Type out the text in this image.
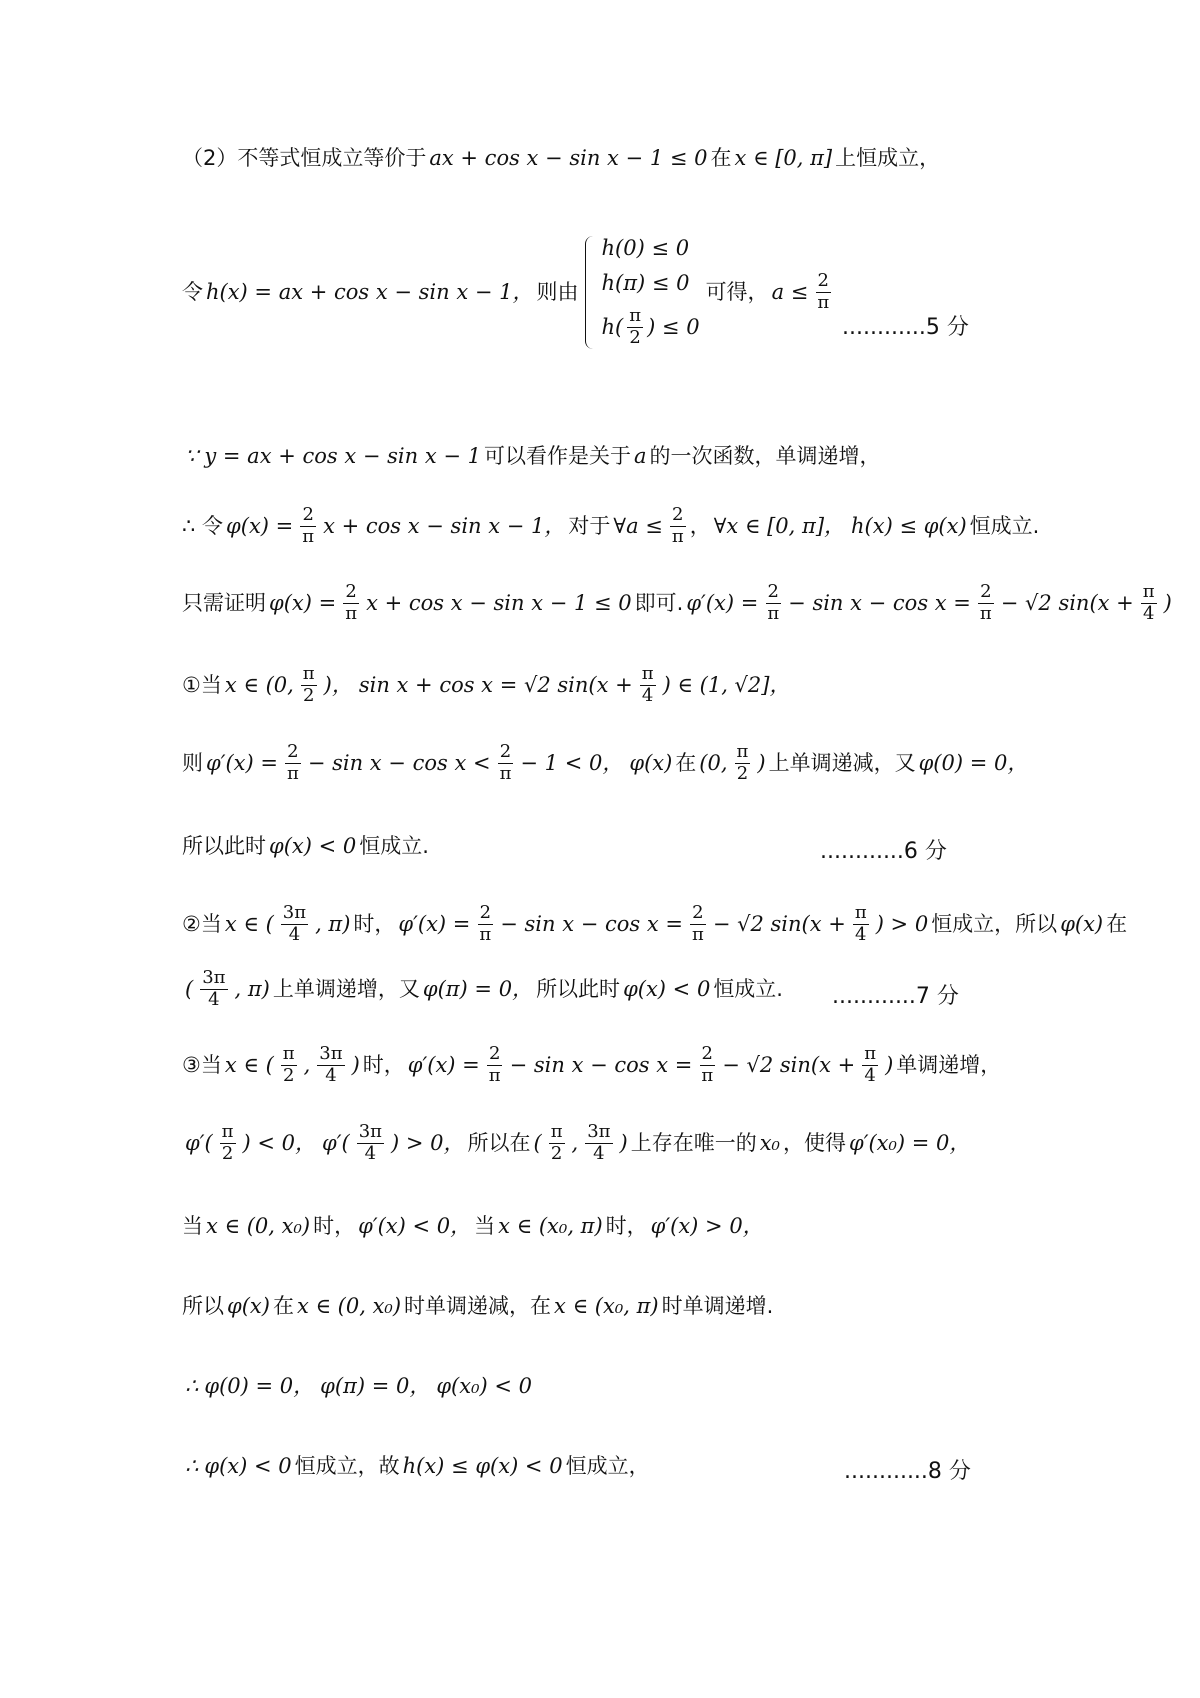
（2）不等式恒成立等价于 ax + cos x − sin x − 1 ≤ 0 在 x ∈ [0, π] 上恒成立，
令 h(x) = ax + cos x − sin x − 1， 则由
h(0) ≤ 0
h(π) ≤ 0
$h( \frac{\pi}{2}$ ) ≤ 0
可得， $a \le \frac{2}{\pi}$
............5 分
∵ y = ax + cos x − sin x − 1 可以看作是关于 a 的一次函数，单调递增，
∴ 令 $\varphi(x) = \frac{2}{\pi}$ x + cos x − sin x − 1， 对于 ∀a ≤ $\frac{2}{\pi}$ ， ∀x ∈ [0, π]， h(x) ≤ φ(x) 恒成立.
只需证明 $\varphi(x) = \frac{2}{\pi}$ x + cos x − sin x − 1 ≤ 0 即可. $\varphi'(x) = \frac{2}{\pi} - \sin x - \cos x = \frac{2}{\pi} - √2$ $\sin(x + \frac{\pi}{4}$ )
①当 x ∈ (0, $\frac{\pi}{2}$ )， sin x + cos x = √2 $\sin(x + \frac{\pi}{4}$ ) ∈ (1, √2]，
则 $\varphi'(x) = \frac{2}{\pi} - \sin x - \cos x < \frac{2}{\pi} - 1 < 0$， φ(x) 在 (0, $\frac{\pi}{2}$ ) 上单调递减，又 φ(0) = 0，
所以此时 φ(x) < 0 恒成立.	............6 分
②当 x ∈ ( $\frac{3\pi}{4}$ , π) 时， $\varphi'(x) = \frac{2}{\pi} - \sin x - \cos x = \frac{2}{\pi} - √2$ $\sin(x + \frac{\pi}{4}$ ) > 0 恒成立，所以 φ(x) 在
( $\frac{3\pi}{4}$ , π) 上单调递增，又 φ(π) = 0， 所以此时 φ(x) < 0 恒成立. ............7 分
③当 x ∈ ( $\frac{\pi}{2}$ , $\frac{3\pi}{4}$ ) 时， $\varphi'(x) = \frac{2}{\pi} - \sin x - \cos x = \frac{2}{\pi} - √2$ $\sin(x + \frac{\pi}{4}$ ) 单调递增，
$\varphi'( \frac{\pi}{2}$ ) < 0， $\varphi'( \frac{3\pi}{4}$ ) > 0， 所以在 ( $\frac{\pi}{2}$ , $\frac{3\pi}{4}$ ) 上存在唯一的 x₀ ，使得 φ′(x₀) = 0，
当 x ∈ (0, x₀) 时， φ′(x) < 0， 当 x ∈ (x₀, π) 时， φ′(x) > 0，
所以 φ(x) 在 x ∈ (0, x₀) 时单调递减，在 x ∈ (x₀, π) 时单调递增.
∴ φ(0) = 0， φ(π) = 0， φ(x₀) < 0
∴ φ(x) < 0 恒成立，故 h(x) ≤ φ(x) < 0 恒成立，	............8 分
